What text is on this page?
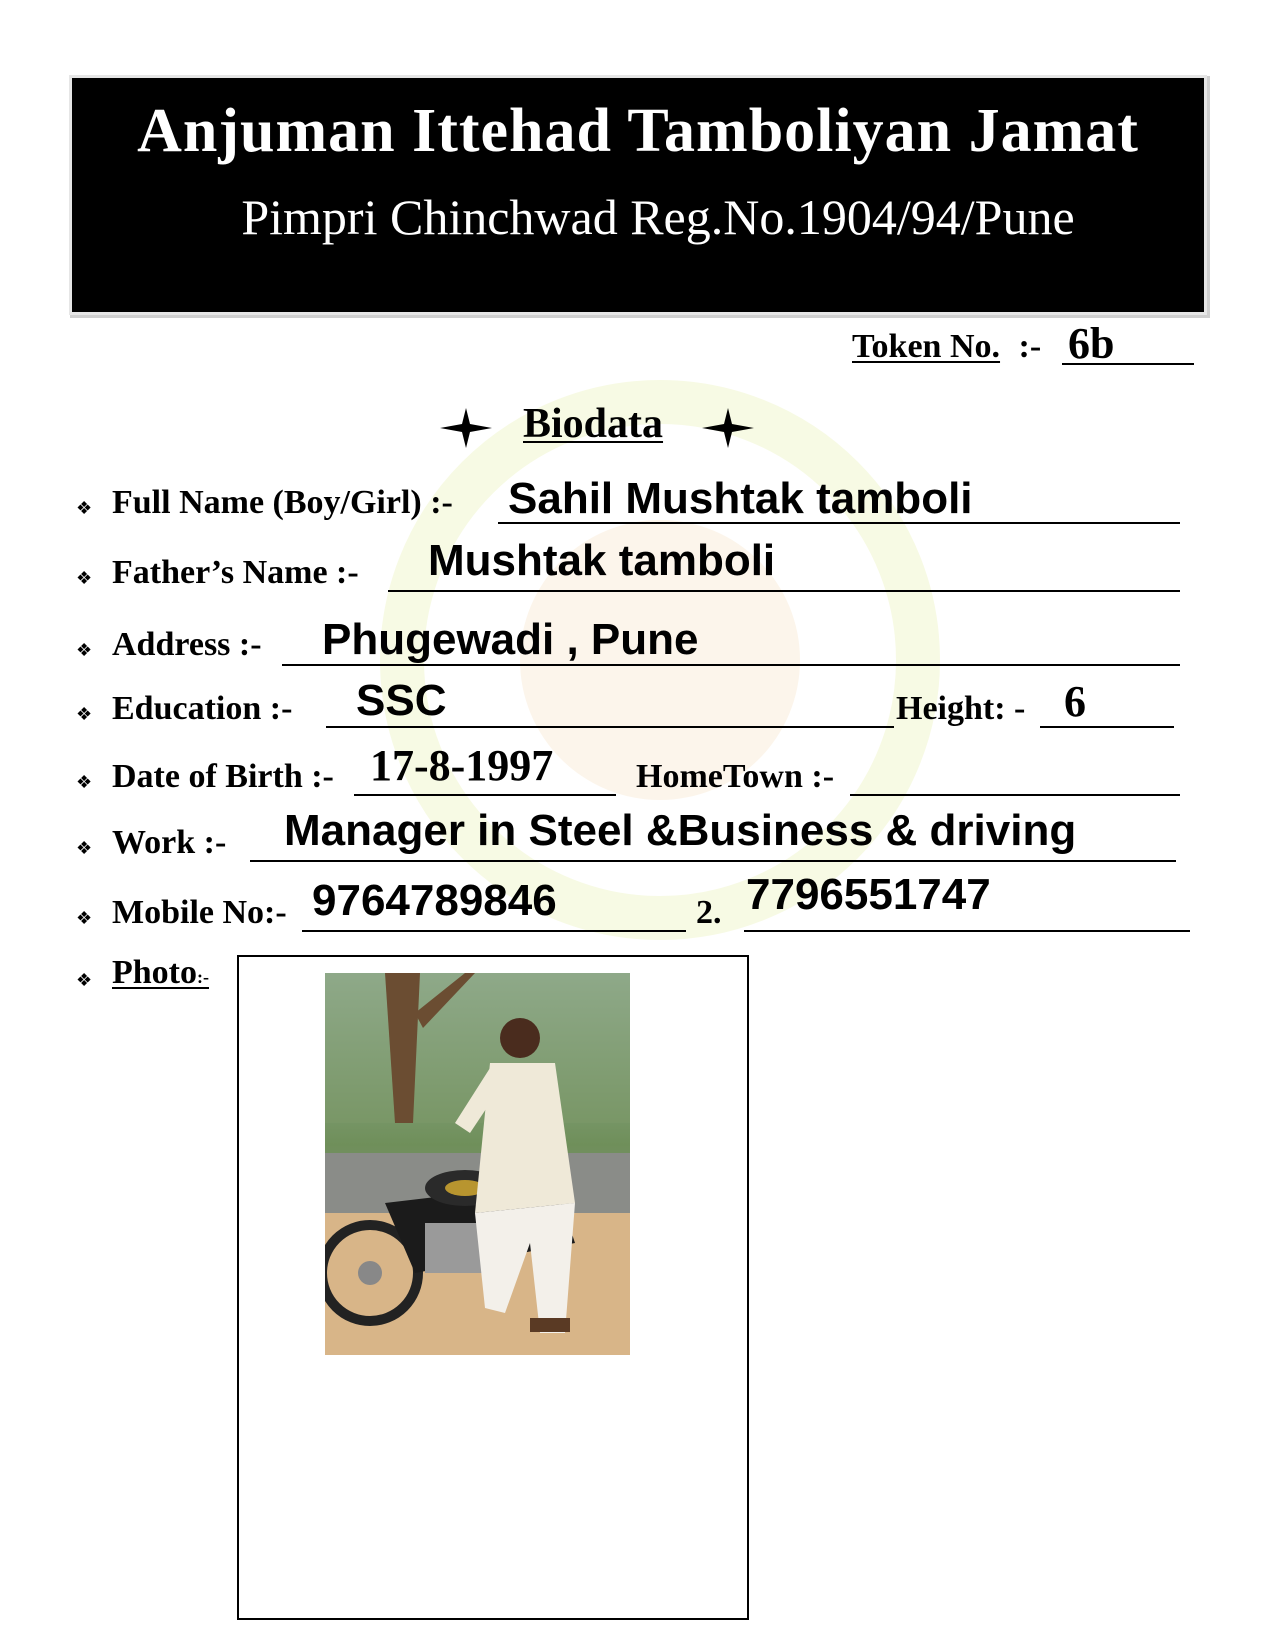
Anjuman Ittehad Tamboliyan Jamat
Pimpri Chinchwad Reg.No.1904/94/Pune
Token No. :- 6b
Biodata
❖ Full Name (Boy/Girl) :- Sahil Mushtak tamboli
❖ Father’s Name :- Mushtak tamboli
❖ Address :- Phugewadi , Pune
❖ Education :- SSC	Height: - 6
❖ Date of Birth :- 17-8-1997 HomeTown :-
❖ Work :- Manager in Steel &Business & driving
❖ Mobile No:- 9764789846	2. 7796551747
❖ Photo:-
